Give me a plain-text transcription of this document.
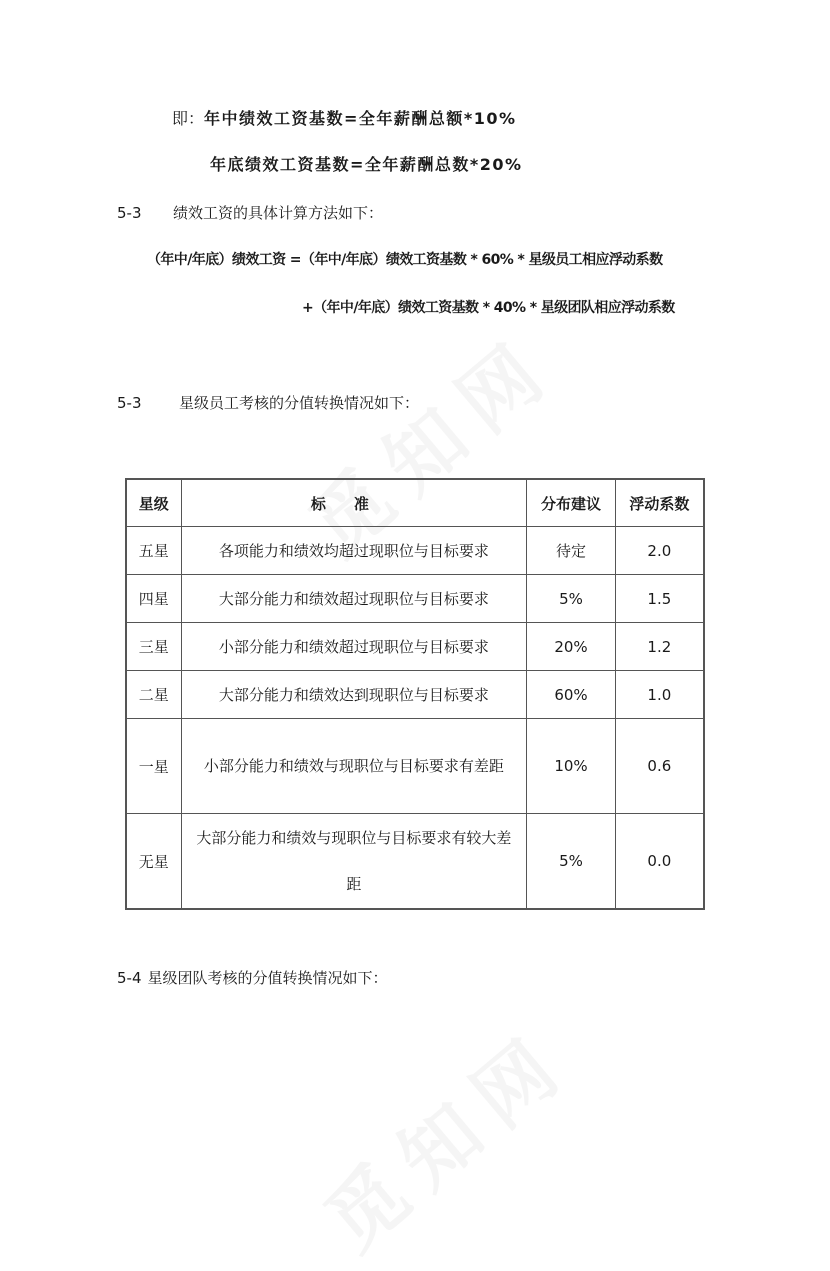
即：年中绩效工资基数=全年薪酬总额*10%
年底绩效工资基数=全年薪酬总数*20%
5-3 绩效工资的具体计算方法如下：
（年中/年底）绩效工资 =（年中/年底）绩效工资基数 * 60% * 星级员工相应浮动系数
+（年中/年底）绩效工资基数 * 40% * 星级团队相应浮动系数
5-3	星级员工考核的分值转换情况如下：
星级	标准	分布建议	浮动系数
五星	各项能力和绩效均超过现职位与目标要求	待定	2.0
四星	大部分能力和绩效超过现职位与目标要求	5%	1.5
三星	小部分能力和绩效超过现职位与目标要求	20%	1.2
二星	大部分能力和绩效达到现职位与目标要求	60%	1.0
一星	小部分能力和绩效与现职位与目标要求有差距	10%	0.6
无星	大部分能力和绩效与现职位与目标要求有较大差距	5%	0.0
5-4 星级团队考核的分值转换情况如下：
